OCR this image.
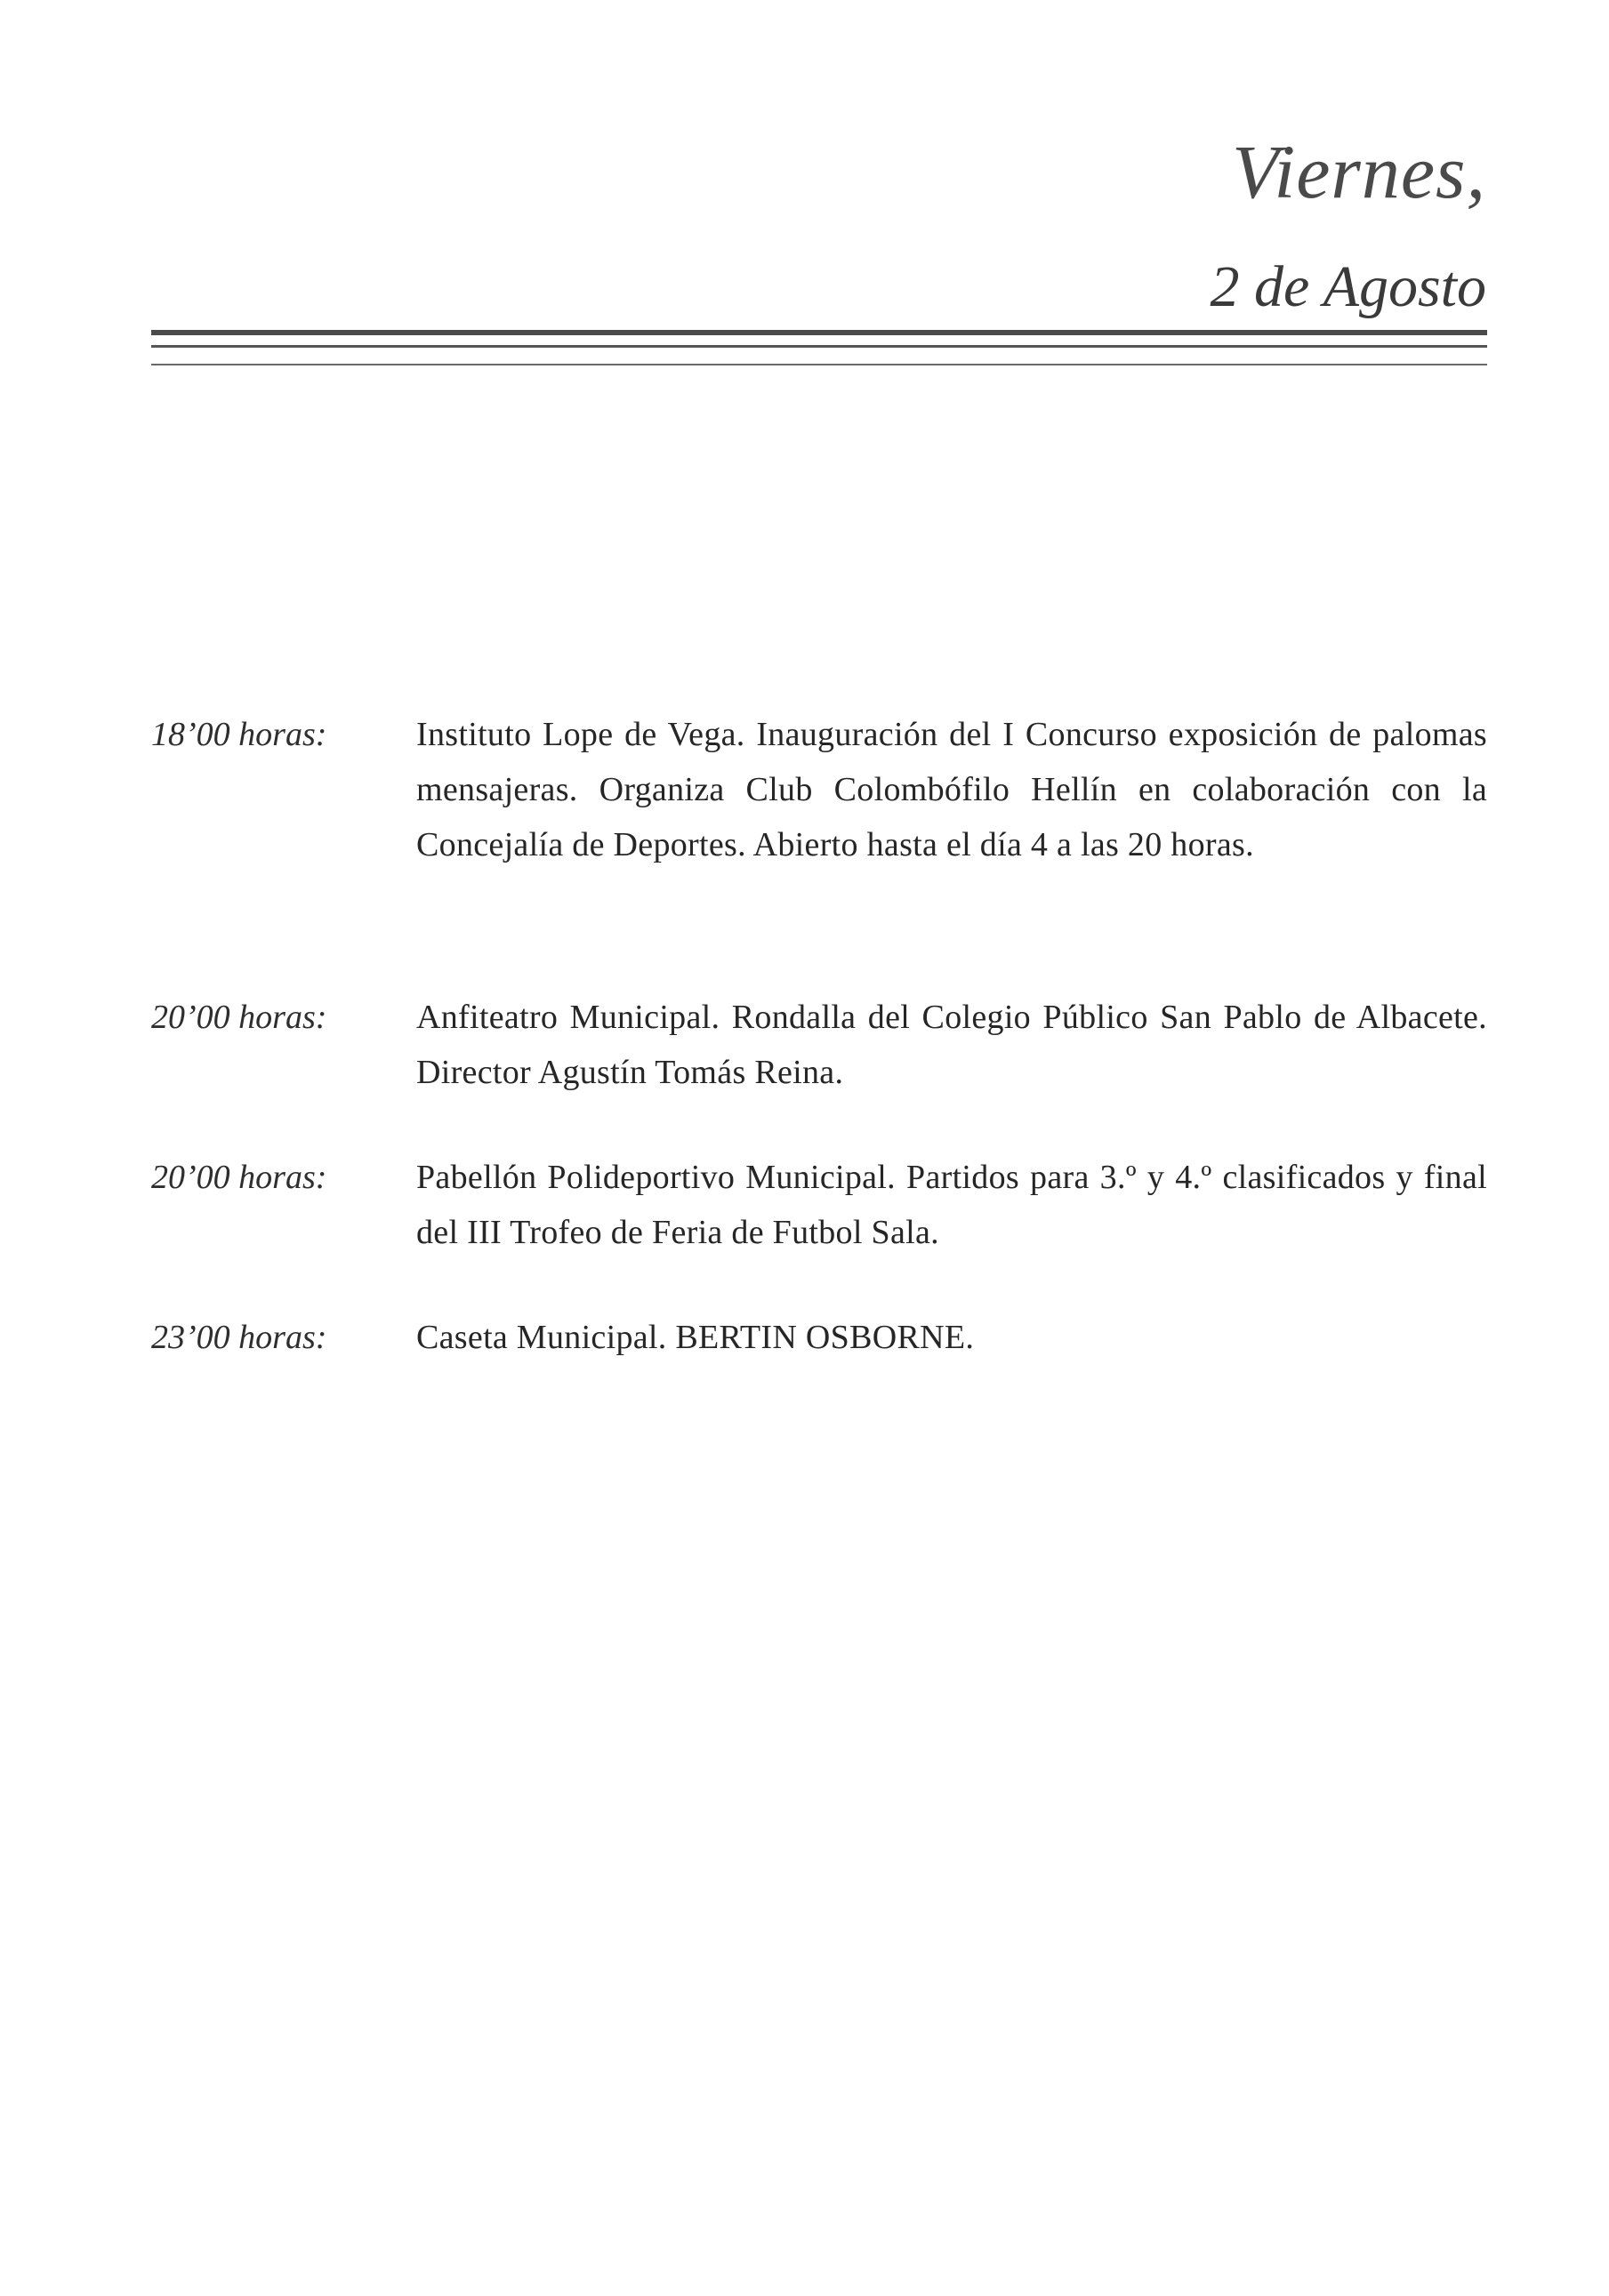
Viernes,
2 de Agosto
18’00 horas:	Instituto Lope de Vega. Inauguración del I Concurso exposición de palomas mensajeras. Organiza Club Colombófilo Hellín en colaboración con la Concejalía de Deportes. Abierto hasta el día 4 a las 20 horas.
20’00 horas:	Anfiteatro Municipal. Rondalla del Colegio Público San Pablo de Albacete. Director Agustín Tomás Reina.
20’00 horas:	Pabellón Polideportivo Municipal. Partidos para 3.º y 4.º clasificados y final del III Trofeo de Feria de Futbol Sala.
23’00 horas:	Caseta Municipal. BERTIN OSBORNE.
